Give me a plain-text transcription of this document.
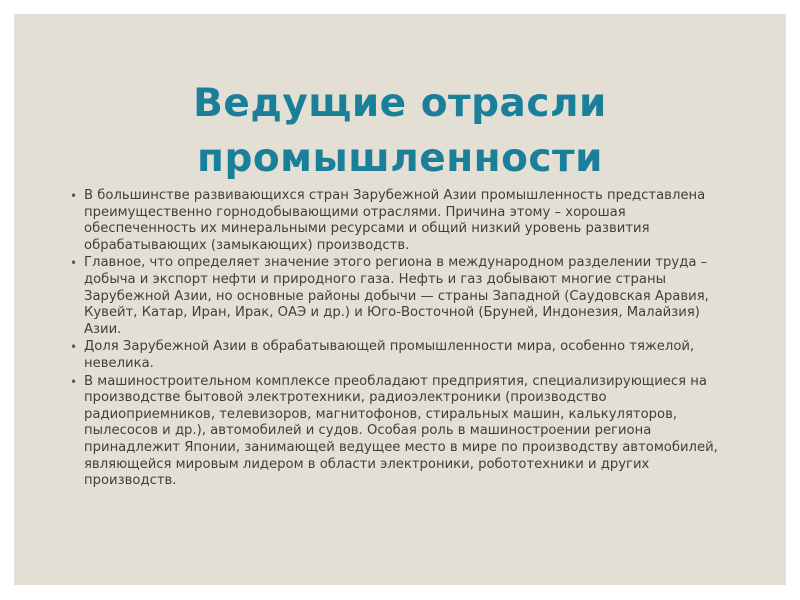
Ведущие отрасли
промышленности
• В большинстве развивающихся стран Зарубежной Азии промышленность представлена преимущественно горнодобывающими отраслями. Причина этому – хорошая обеспеченность их минеральными ресурсами и общий низкий уровень развития обрабатывающих (замыкающих) производств.
• Главное, что определяет значение этого региона в международном разделении труда – добыча и экспорт нефти и природного газа. Нефть и газ добывают многие страны Зарубежной Азии, но основные районы добычи — страны Западной (Саудовская Аравия, Кувейт, Катар, Иран, Ирак, ОАЭ и др.) и Юго-Восточной (Бруней, Индонезия, Малайзия) Азии.
• Доля Зарубежной Азии в обрабатывающей промышленности мира, особенно тяжелой, невелика.
• В машиностроительном комплексе преобладают предприятия, специализирующиеся на производстве бытовой электротехники, радиоэлектроники (производство радиоприемников, телевизоров, магнитофонов, стиральных машин, калькуляторов, пылесосов и др.), автомобилей и судов. Особая роль в машиностроении региона принадлежит Японии, занимающей ведущее место в мире по производству автомобилей, являющейся мировым лидером в области электроники, робототехники и других производств.
